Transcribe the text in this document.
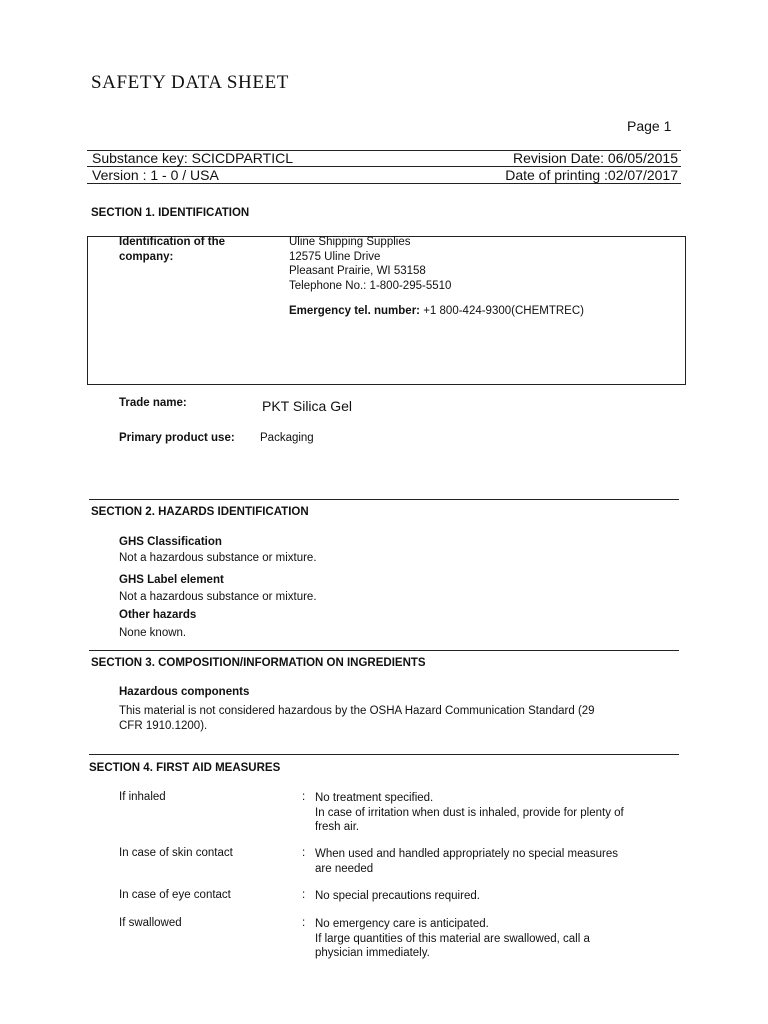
SAFETY DATA SHEET
Page 1
Substance key: SCICDPARTICL	Revision Date: 06/05/2015
Version : 1 - 0 / USA	Date of printing :02/07/2017
SECTION 1. IDENTIFICATION
Identification of the
company:
Uline Shipping Supplies
12575 Uline Drive
Pleasant Prairie, WI 53158
Telephone No.: 1-800-295-5510
Emergency tel. number: +1 800-424-9300(CHEMTREC)
Trade name:	PKT Silica Gel
Primary product use: Packaging
SECTION 2. HAZARDS IDENTIFICATION
GHS Classification
Not a hazardous substance or mixture.
GHS Label element
Not a hazardous substance or mixture.
Other hazards
None known.
SECTION 3. COMPOSITION/INFORMATION ON INGREDIENTS
Hazardous components
This material is not considered hazardous by the OSHA Hazard Communication Standard (29
CFR 1910.1200).
SECTION 4. FIRST AID MEASURES
If inhaled	: No treatment specified.
In case of irritation when dust is inhaled, provide for plenty of
fresh air.
In case of skin contact	: When used and handled appropriately no special measures
are needed
In case of eye contact	: No special precautions required.
If swallowed	: No emergency care is anticipated.
If large quantities of this material are swallowed, call a
physician immediately.
